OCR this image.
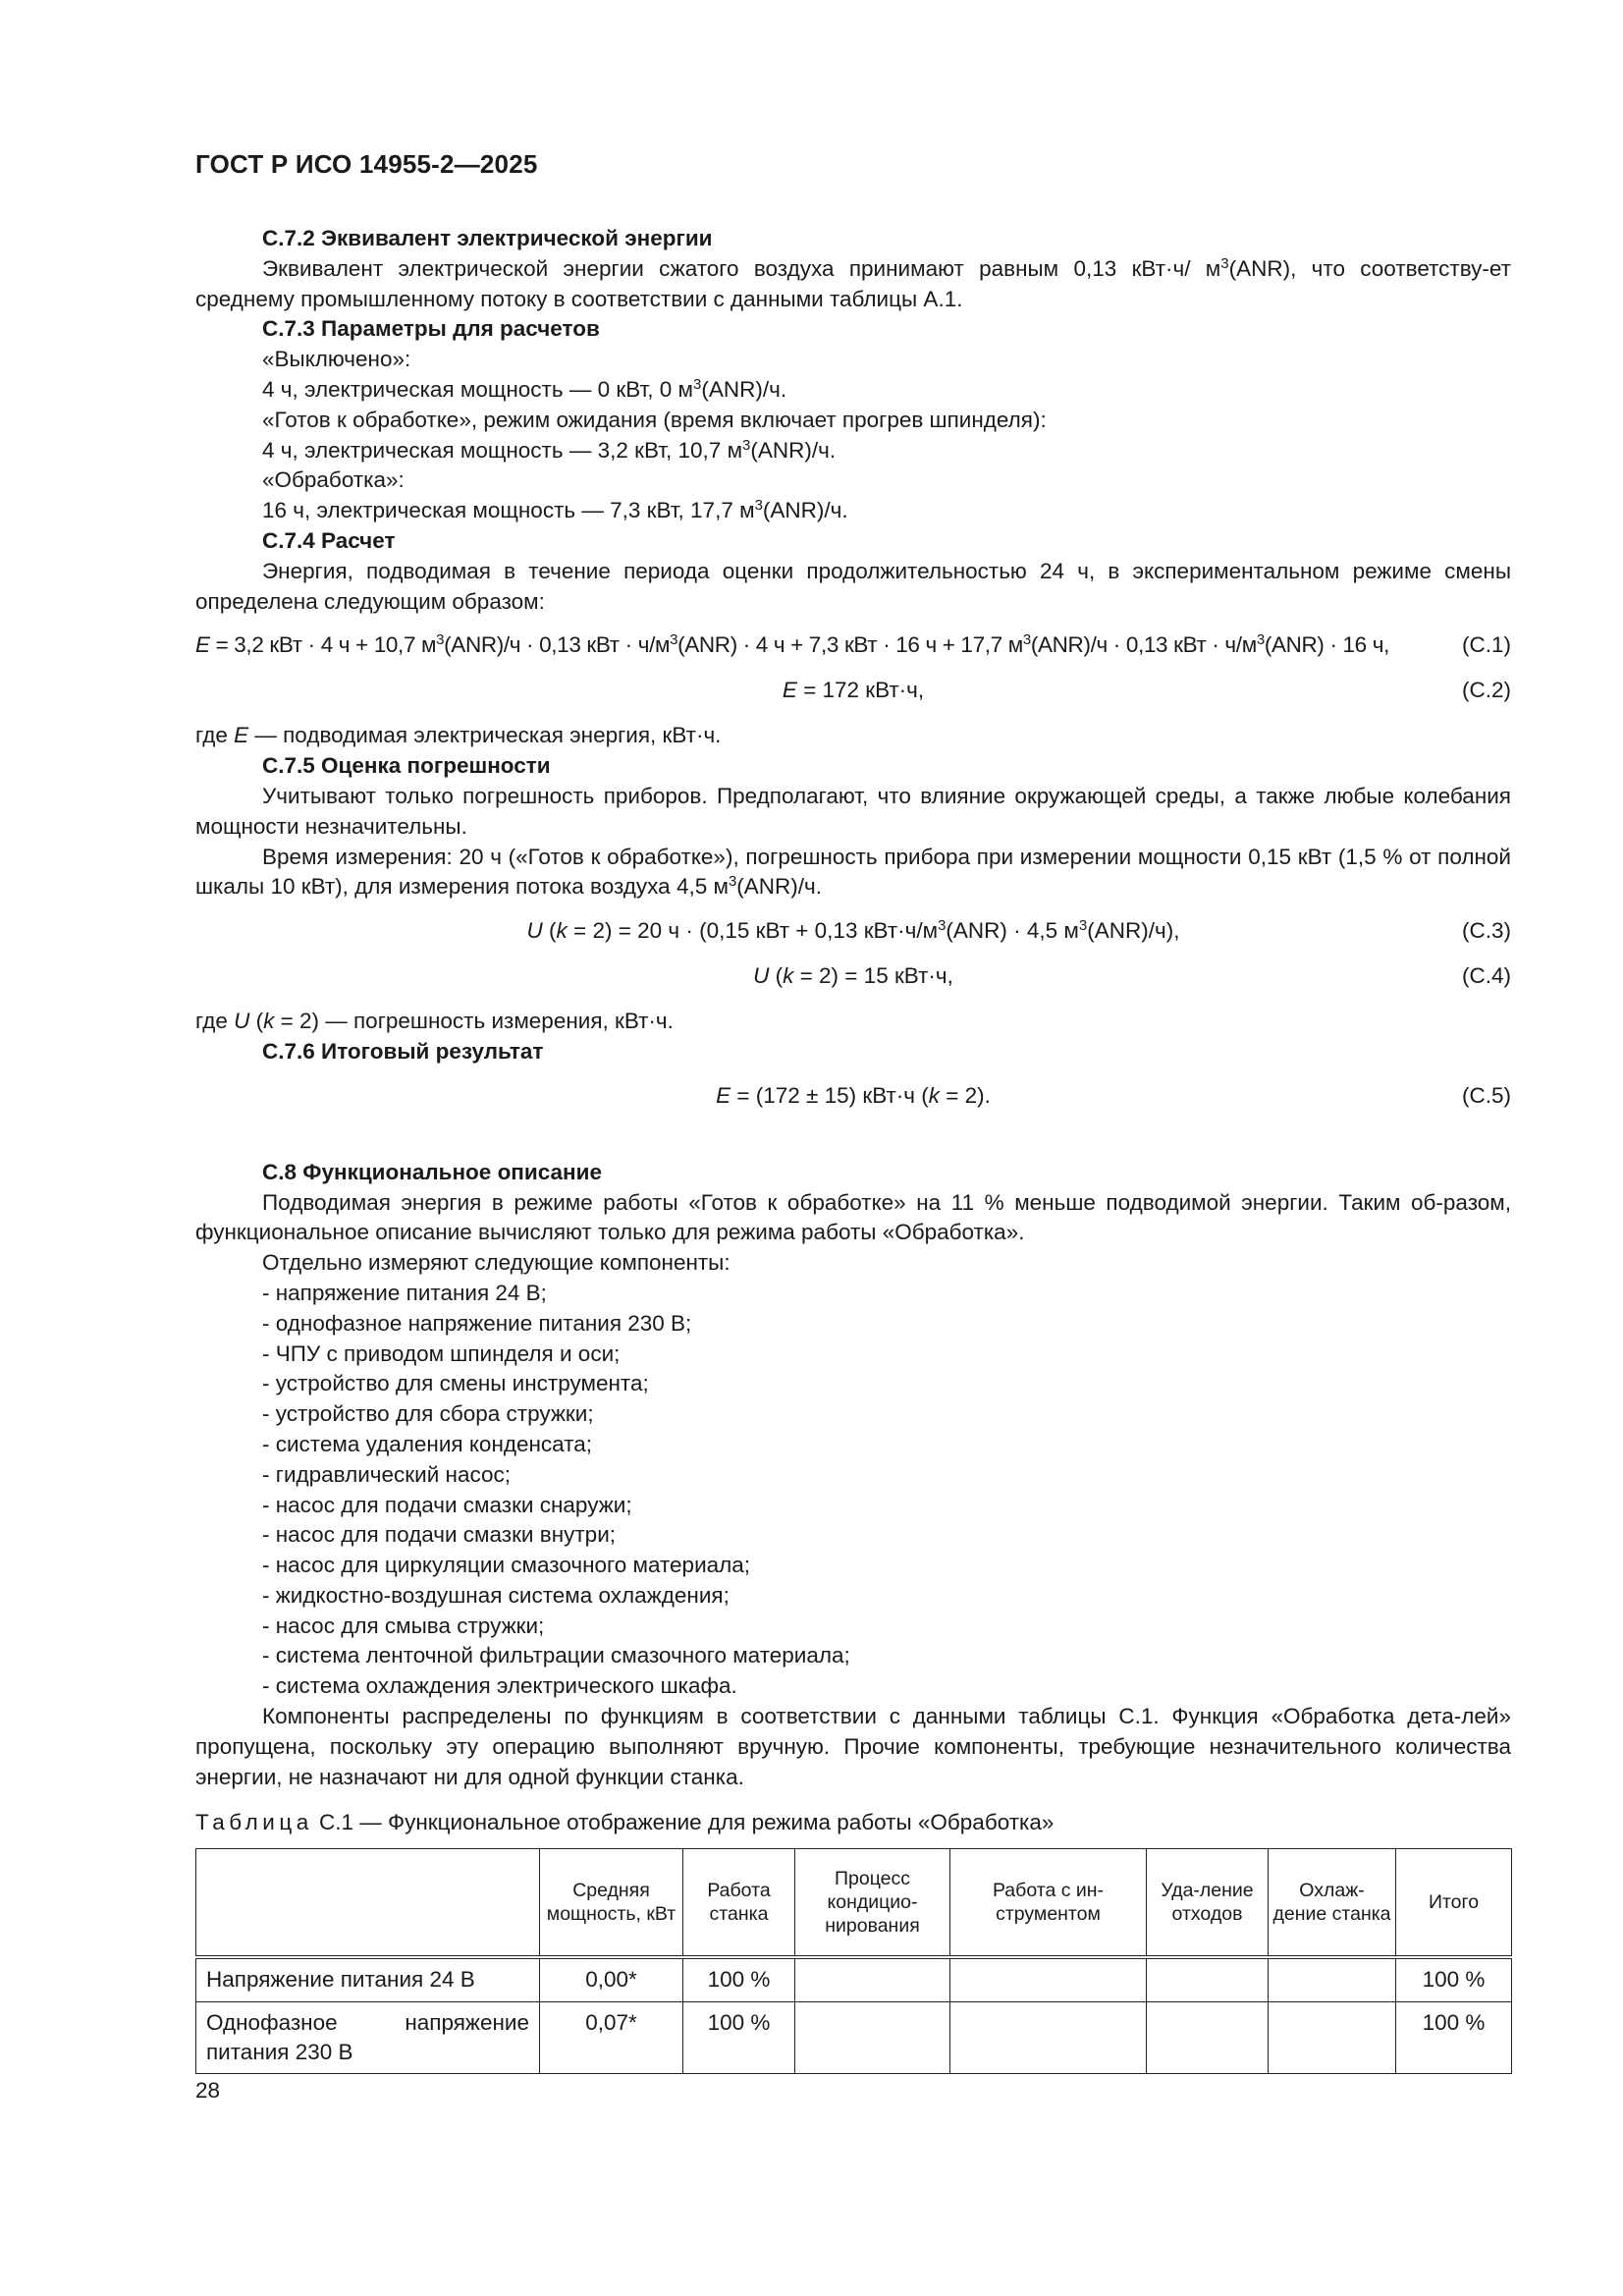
ГОСТ Р ИСО 14955-2—2025

C.7.2 Эквивалент электрической энергии

Эквивалент электрической энергии сжатого воздуха принимают равным 0,13 кВт·ч/ $м^3(ANR)$, что соответству-ет среднему промышленному потоку в соответствии с данными таблицы А.1.

C.7.3 Параметры для расчетов

«Выключено»:

4 ч, электрическая мощность — 0 кВт, 0 $м^3(ANR)/ч$.

«Готов к обработке», режим ожидания (время включает прогрев шпинделя):

4 ч, электрическая мощность — 3,2 кВт, 10,7 $м^3(ANR)/ч$.

«Обработка»:

16 ч, электрическая мощность — 7,3 кВт, 17,7 $м^3(ANR)/ч$.

C.7.4 Расчет

Энергия, подводимая в течение периода оценки продолжительностью 24 ч, в экспериментальном режиме смены определена следующим образом:

E = 3,2 кВт · 4 ч + 10,7 $м^3(ANR)/ч \cdot 0,13$ кВт · $ч/м^3(ANR) \cdot 4$ ч + 7,3 кВт · 16 ч + 17,7 $м^3(ANR)/ч \cdot 0,13$ кВт · $ч/м^3(ANR) \cdot 16$ ч,	(C.1)
E = 172 кВт·ч,	(C.2)

где E — подводимая электрическая энергия, кВт·ч.

C.7.5 Оценка погрешности

Учитывают только погрешность приборов. Предполагают, что влияние окружающей среды, а также любые колебания мощности незначительны.

Время измерения: 20 ч («Готов к обработке»), погрешность прибора при измерении мощности 0,15 кВт (1,5 % от полной шкалы 10 кВт), для измерения потока воздуха 4,5 $м^3(ANR)/ч$.

U (k = 2) = 20 ч · (0,15 кВт + 0,13 $кВт\cdot ч/м^3(ANR) \cdot 4,5$ $м^3(ANR)/ч$),	(C.3)
U (k = 2) = 15 кВт·ч,	(C.4)

где U (k = 2) — погрешность измерения, кВт·ч.

C.7.6 Итоговый результат

E = (172 ± 15) кВт·ч (k = 2).	(C.5)

C.8 Функциональное описание

Подводимая энергия в режиме работы «Готов к обработке» на 11 % меньше подводимой энергии. Таким об-разом, функциональное описание вычисляют только для режима работы «Обработка».

Отдельно измеряют следующие компоненты:

- напряжение питания 24 В;

- однофазное напряжение питания 230 В;

- ЧПУ с приводом шпинделя и оси;

- устройство для смены инструмента;

- устройство для сбора стружки;

- система удаления конденсата;

- гидравлический насос;

- насос для подачи смазки снаружи;

- насос для подачи смазки внутри;

- насос для циркуляции смазочного материала;

- жидкостно-воздушная система охлаждения;

- насос для смыва стружки;

- система ленточной фильтрации смазочного материала;

- система охлаждения электрического шкафа.

Компоненты распределены по функциям в соответствии с данными таблицы C.1. Функция «Обработка дета-лей» пропущена, поскольку эту операцию выполняют вручную. Прочие компоненты, требующие незначительного количества энергии, не назначают ни для одной функции станка.

Таблица C.1 — Функциональное отображение для режима работы «Обработка»

	Средняя мощность, кВт	Работа станка	Процесс кондицио-нирования	Работа с ин-струментом	Уда-ление отходов	Охлаж-дение станка	Итого
Напряжение питания 24 В	0,00*	100 %					100 %
Однофазное напряжение питания 230 В	0,07*	100 %					100 %
28
